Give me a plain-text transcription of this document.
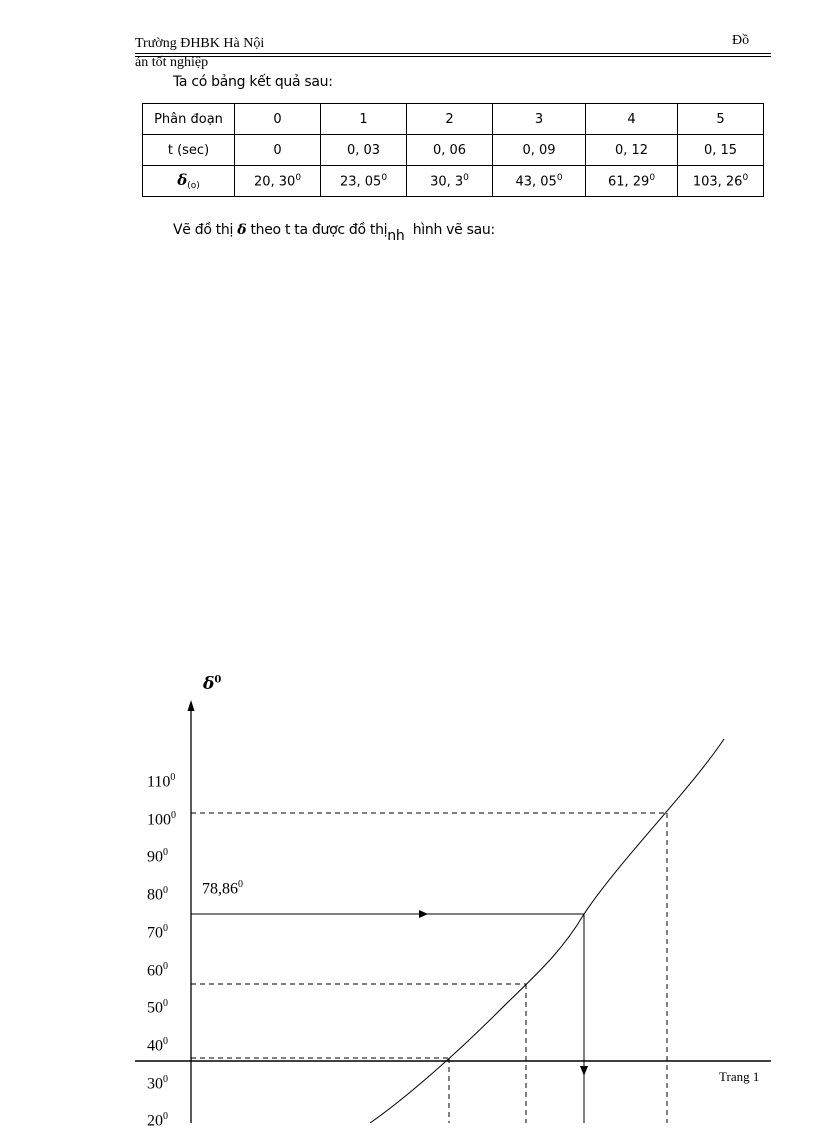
Trường ĐHBK Hà Nội	Đồ
án tốt nghiệp
Ta có bảng kết quả sau:
Phân đoạn	0	1	2	3	4	5
t (sec)	0	0, 03	0, 06	0, 09	0, 12	0, 15
$\delta_{(o)}$	20, $30^0$	23, $05^0$	30, $3^0$	43, $05^0$	61, $29^0$	103, $26^0$
Vẽ đồ thị δ theo t ta được đồ thịnh hình vẽ sau:
$\delta^0$
$110^0$
$100^0$
$90^0$
$80^0$
$70^0$
$60^0$
$50^0$
$40^0$
$30^0$
$20^0$
78,86$^0$
Trang 1
